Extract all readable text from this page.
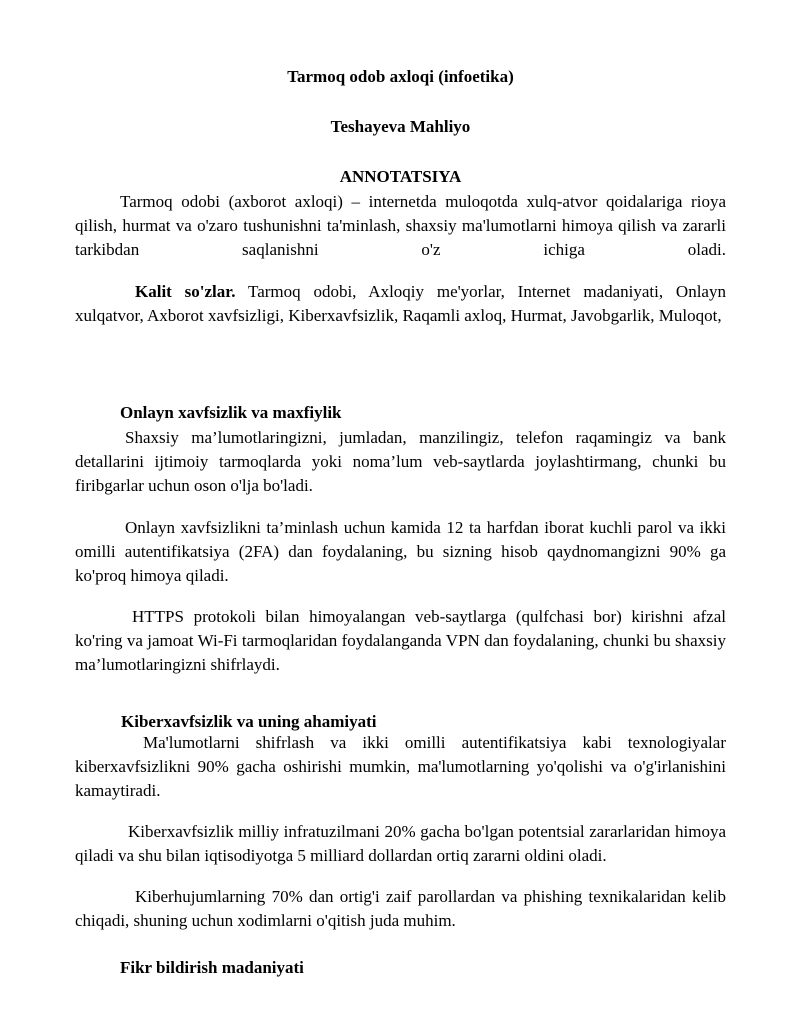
Tarmoq odob axloqi (infoetika)
Teshayeva Mahliyo
ANNOTATSIYA
Tarmoq odobi (axborot axloqi) – internetda muloqotda xulq-atvor qoidalariga rioya qilish, hurmat va o'zaro tushunishni ta'minlash, shaxsiy ma'lumotlarni himoya qilish va zararli tarkibdan saqlanishni o'z ichiga oladi.
Kalit so'zlar. Tarmoq odobi, Axloqiy me'yorlar, Internet madaniyati, Onlayn xulqatvor, Axborot xavfsizligi, Kiberxavfsizlik, Raqamli axloq, Hurmat, Javobgarlik, Muloqot,
Onlayn xavfsizlik va maxfiylik
Shaxsiy ma’lumotlaringizni, jumladan, manzilingiz, telefon raqamingiz va bank detallarini ijtimoiy tarmoqlarda yoki noma’lum veb-saytlarda joylashtirmang, chunki bu firibgarlar uchun oson o'lja bo'ladi.
Onlayn xavfsizlikni ta’minlash uchun kamida 12 ta harfdan iborat kuchli parol va ikki omilli autentifikatsiya (2FA) dan foydalaning, bu sizning hisob qaydnomangizni 90% ga ko'proq himoya qiladi.
HTTPS protokoli bilan himoyalangan veb-saytlarga (qulfchasi bor) kirishni afzal ko'ring va jamoat Wi-Fi tarmoqlaridan foydalanganda VPN dan foydalaning, chunki bu shaxsiy ma’lumotlaringizni shifrlaydi.
Kiberxavfsizlik va uning ahamiyati
Ma'lumotlarni shifrlash va ikki omilli autentifikatsiya kabi texnologiyalar kiberxavfsizlikni 90% gacha oshirishi mumkin, ma'lumotlarning yo'qolishi va o'g'irlanishini kamaytiradi.
Kiberxavfsizlik milliy infratuzilmani 20% gacha bo'lgan potentsial zararlaridan himoya qiladi va shu bilan iqtisodiyotga 5 milliard dollardan ortiq zararni oldini oladi.
Kiberhujumlarning 70% dan ortig'i zaif parollardan va phishing texnikalaridan kelib chiqadi, shuning uchun xodimlarni o'qitish juda muhim.
Fikr bildirish madaniyati
